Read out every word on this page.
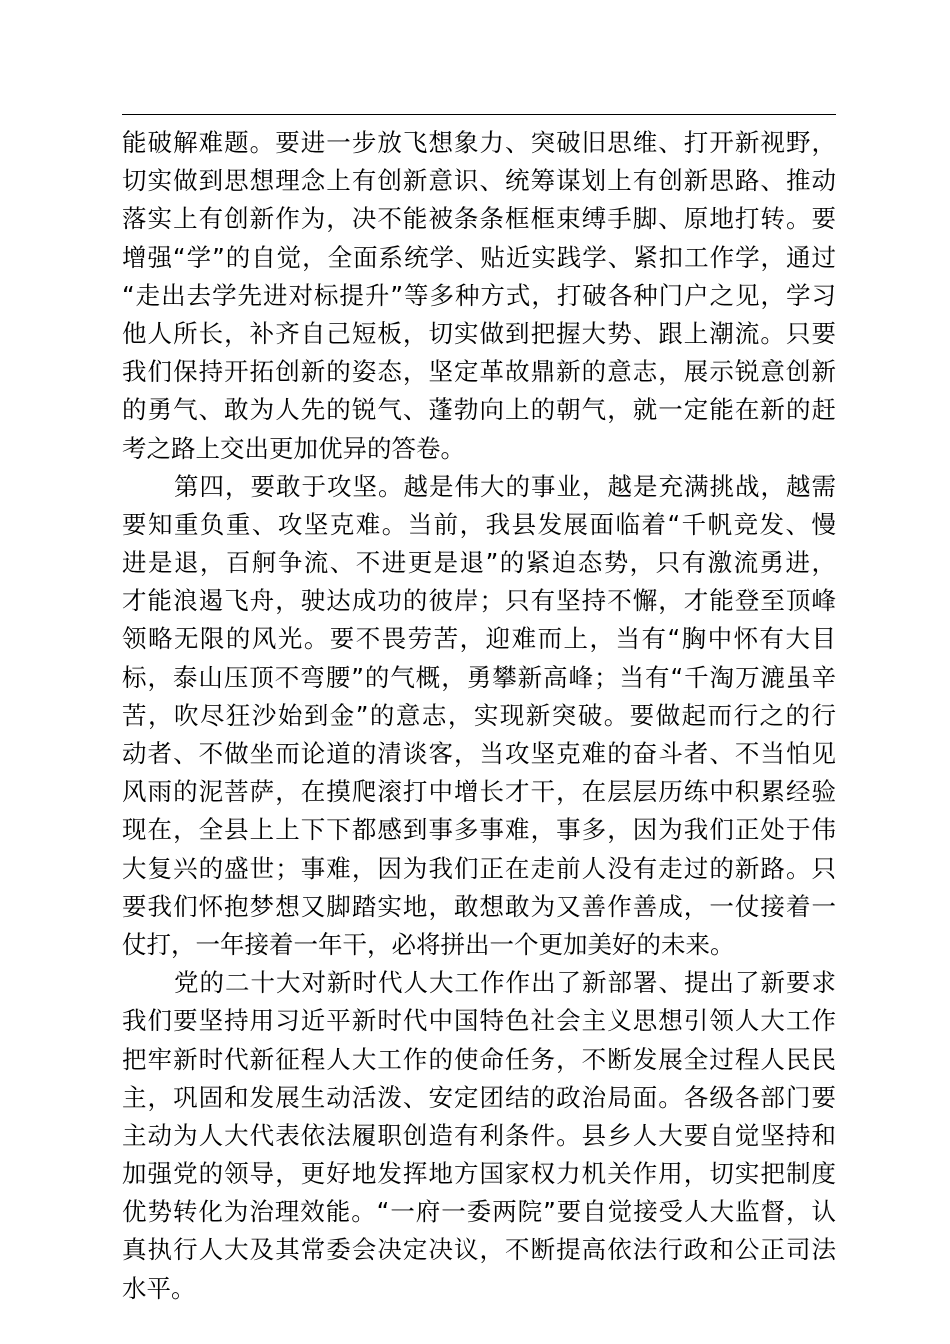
能破解难题。要进一步放飞想象力、突破旧思维、打开新视野，
切实做到思想理念上有创新意识、统筹谋划上有创新思路、推动
落实上有创新作为，决不能被条条框框束缚手脚、原地打转。要
增强“学”的自觉，全面系统学、贴近实践学、紧扣工作学，通过
“走出去学先进对标提升”等多种方式，打破各种门户之见，学习
他人所长，补齐自己短板，切实做到把握大势、跟上潮流。只要
我们保持开拓创新的姿态，坚定革故鼎新的意志，展示锐意创新
的勇气、敢为人先的锐气、蓬勃向上的朝气，就一定能在新的赶
考之路上交出更加优异的答卷。
第四，要敢于攻坚。越是伟大的事业，越是充满挑战，越需
要知重负重、攻坚克难。当前，我县发展面临着“千帆竞发、慢
进是退，百舸争流、不进更是退”的紧迫态势，只有激流勇进，
才能浪遏飞舟，驶达成功的彼岸；只有坚持不懈，才能登至顶峰
领略无限的风光。要不畏劳苦，迎难而上，当有“胸中怀有大目
标，泰山压顶不弯腰”的气概，勇攀新高峰；当有“千淘万漉虽辛
苦，吹尽狂沙始到金”的意志，实现新突破。要做起而行之的行
动者、不做坐而论道的清谈客，当攻坚克难的奋斗者、不当怕见
风雨的泥菩萨，在摸爬滚打中增长才干，在层层历练中积累经验
现在，全县上上下下都感到事多事难，事多，因为我们正处于伟
大复兴的盛世；事难，因为我们正在走前人没有走过的新路。只
要我们怀抱梦想又脚踏实地，敢想敢为又善作善成，一仗接着一
仗打，一年接着一年干，必将拼出一个更加美好的未来。
党的二十大对新时代人大工作作出了新部署、提出了新要求
我们要坚持用习近平新时代中国特色社会主义思想引领人大工作
把牢新时代新征程人大工作的使命任务，不断发展全过程人民民
主，巩固和发展生动活泼、安定团结的政治局面。各级各部门要
主动为人大代表依法履职创造有利条件。县乡人大要自觉坚持和
加强党的领导，更好地发挥地方国家权力机关作用，切实把制度
优势转化为治理效能。“一府一委两院”要自觉接受人大监督，认
真执行人大及其常委会决定决议，不断提高依法行政和公正司法
水平。
